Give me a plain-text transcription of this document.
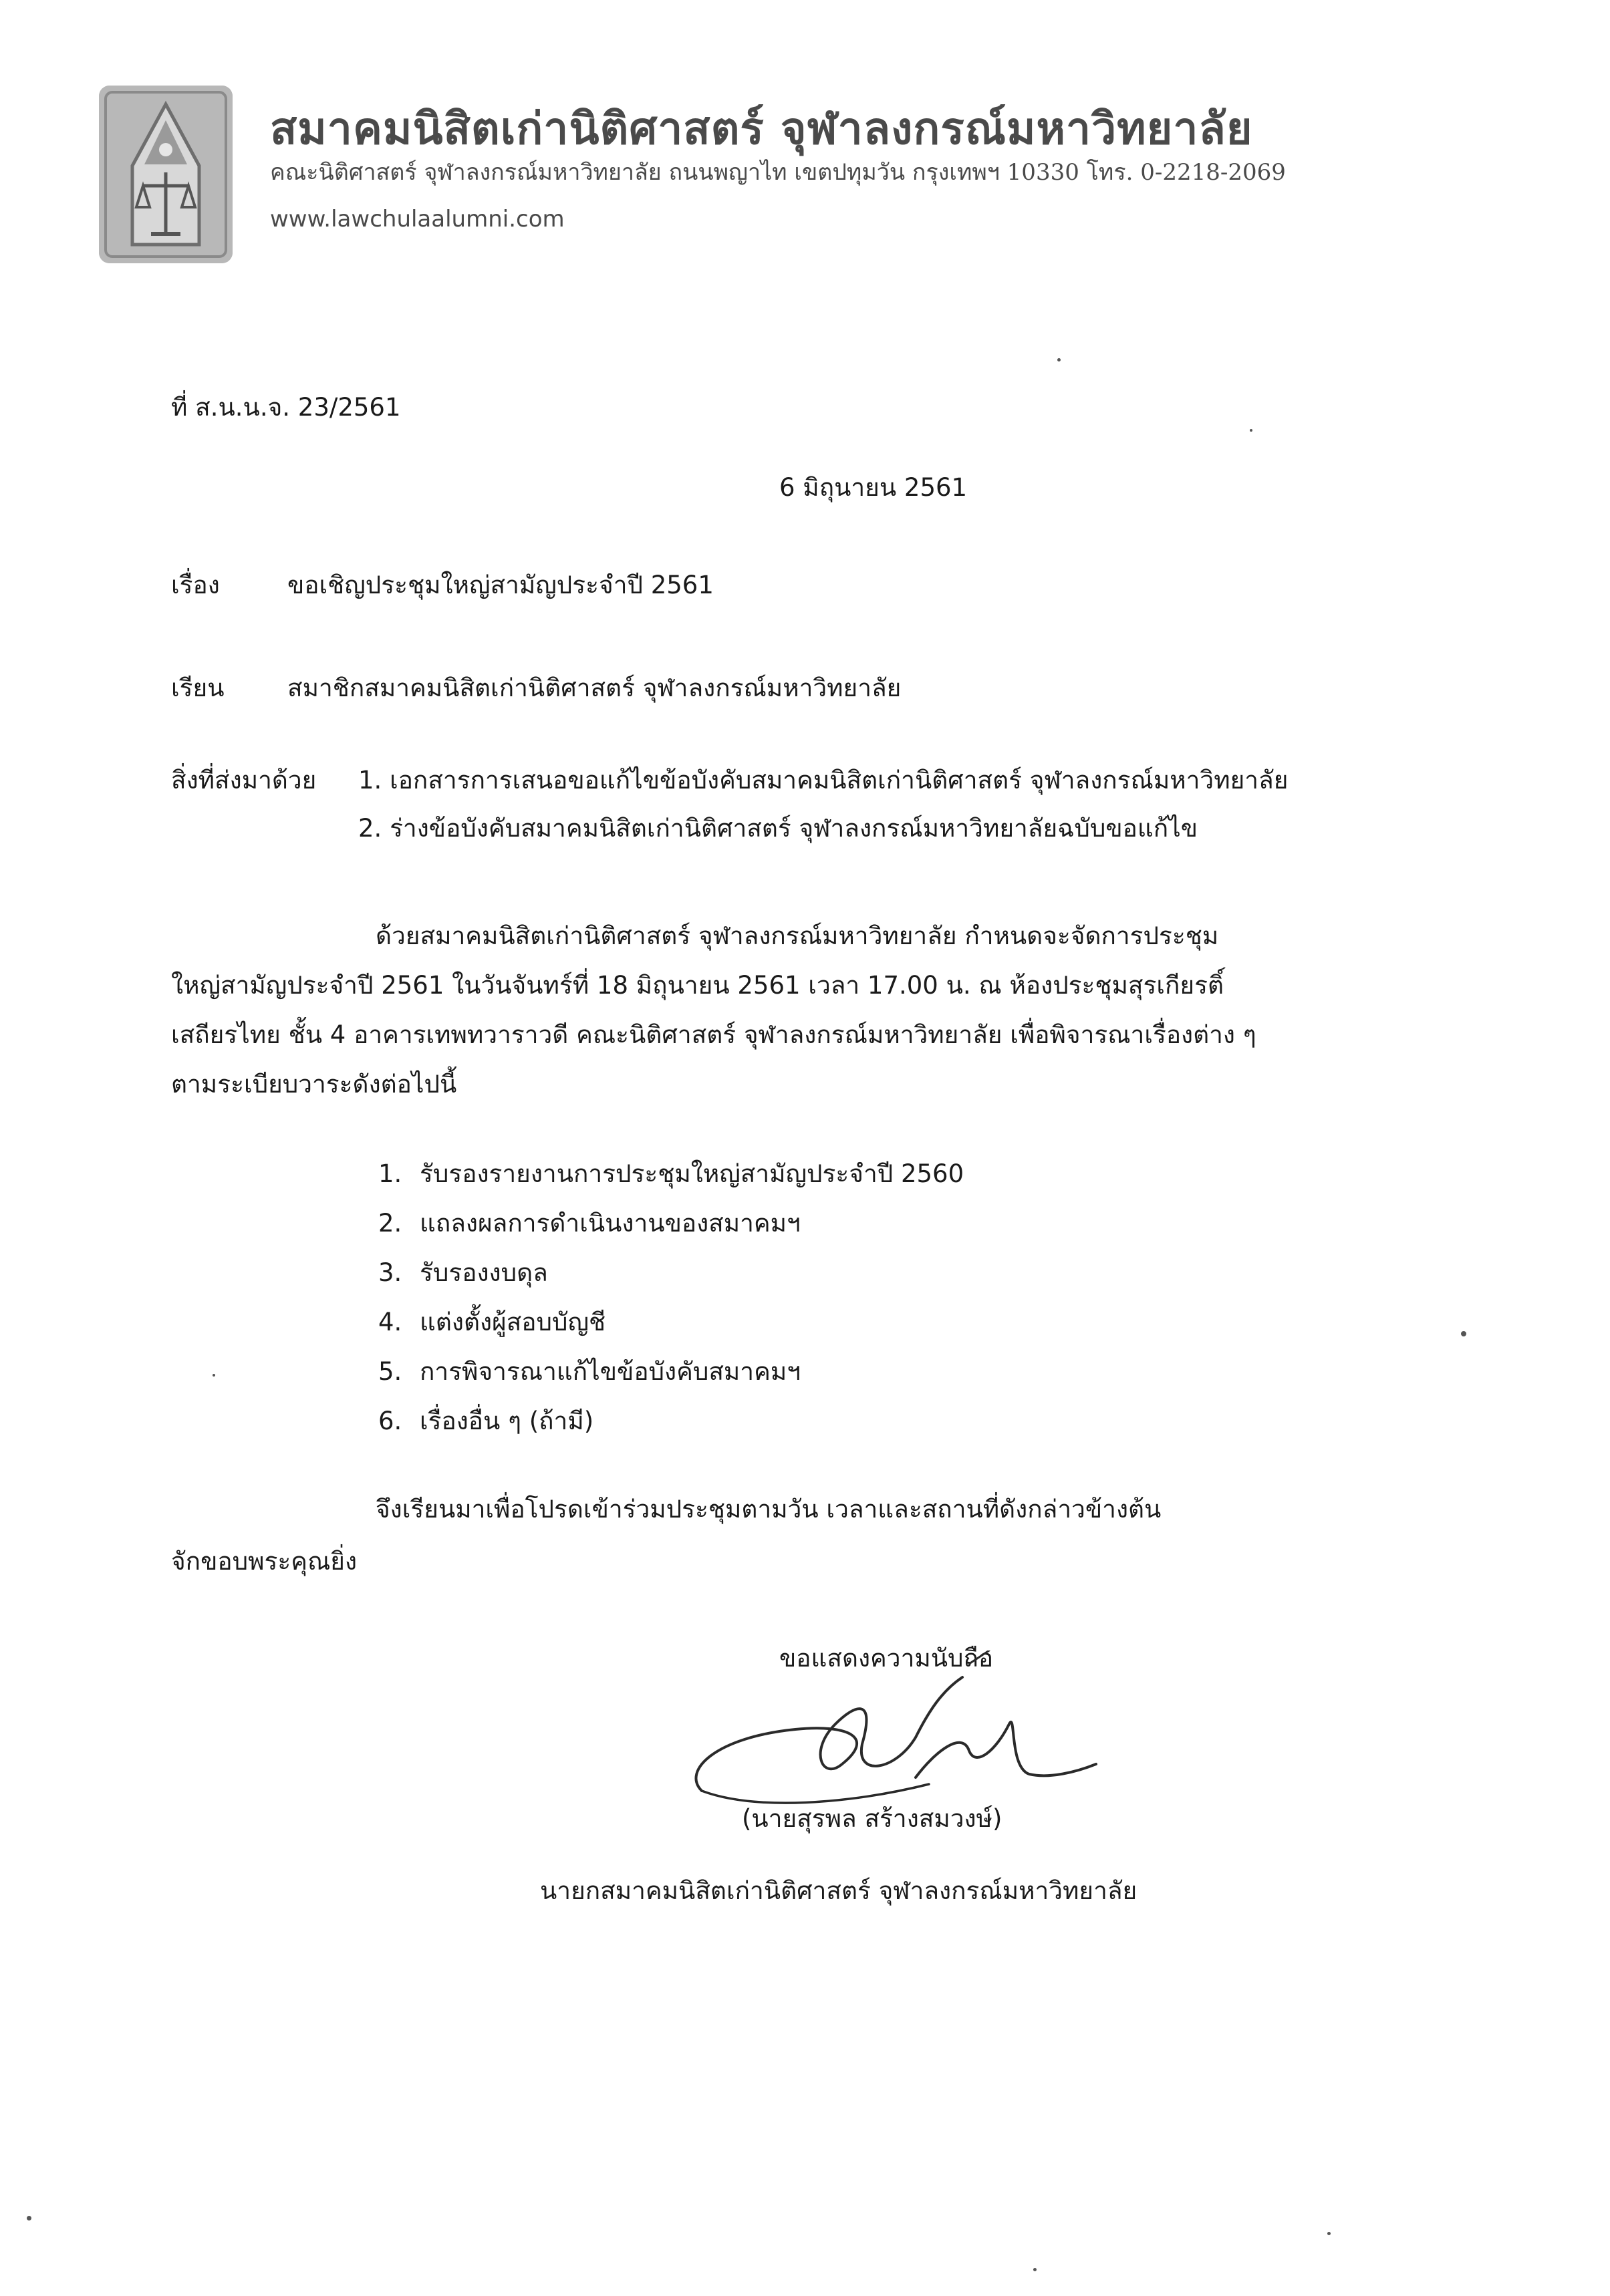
สมาคมนิสิตเก่านิติศาสตร์ จุฬาลงกรณ์มหาวิทยาลัย
คณะนิติศาสตร์ จุฬาลงกรณ์มหาวิทยาลัย ถนนพญาไท เขตปทุมวัน กรุงเทพฯ 10330 โทร. 0-2218-2069
www.lawchulaalumni.com
ที่ ส.น.น.จ. 23/2561
6 มิถุนายน 2561
เรื่อง	ขอเชิญประชุมใหญ่สามัญประจำปี 2561
เรียน	สมาชิกสมาคมนิสิตเก่านิติศาสตร์ จุฬาลงกรณ์มหาวิทยาลัย
สิ่งที่ส่งมาด้วย 1. เอกสารการเสนอขอแก้ไขข้อบังคับสมาคมนิสิตเก่านิติศาสตร์ จุฬาลงกรณ์มหาวิทยาลัย
2. ร่างข้อบังคับสมาคมนิสิตเก่านิติศาสตร์ จุฬาลงกรณ์มหาวิทยาลัยฉบับขอแก้ไข
ด้วยสมาคมนิสิตเก่านิติศาสตร์ จุฬาลงกรณ์มหาวิทยาลัย กำหนดจะจัดการประชุม
ใหญ่สามัญประจำปี 2561 ในวันจันทร์ที่ 18 มิถุนายน 2561 เวลา 17.00 น. ณ ห้องประชุมสุรเกียรติ์
เสถียรไทย ชั้น 4 อาคารเทพทวาราวดี คณะนิติศาสตร์ จุฬาลงกรณ์มหาวิทยาลัย เพื่อพิจารณาเรื่องต่าง ๆ
ตามระเบียบวาระดังต่อไปนี้
1. รับรองรายงานการประชุมใหญ่สามัญประจำปี 2560
2. แถลงผลการดำเนินงานของสมาคมฯ
3. รับรองงบดุล
4. แต่งตั้งผู้สอบบัญชี
5. การพิจารณาแก้ไขข้อบังคับสมาคมฯ
6. เรื่องอื่น ๆ (ถ้ามี)
จึงเรียนมาเพื่อโปรดเข้าร่วมประชุมตามวัน เวลาและสถานที่ดังกล่าวข้างต้น
จักขอบพระคุณยิ่ง
ขอแสดงความนับถือ
(นายสุรพล สร้างสมวงษ์)
นายกสมาคมนิสิตเก่านิติศาสตร์ จุฬาลงกรณ์มหาวิทยาลัย
